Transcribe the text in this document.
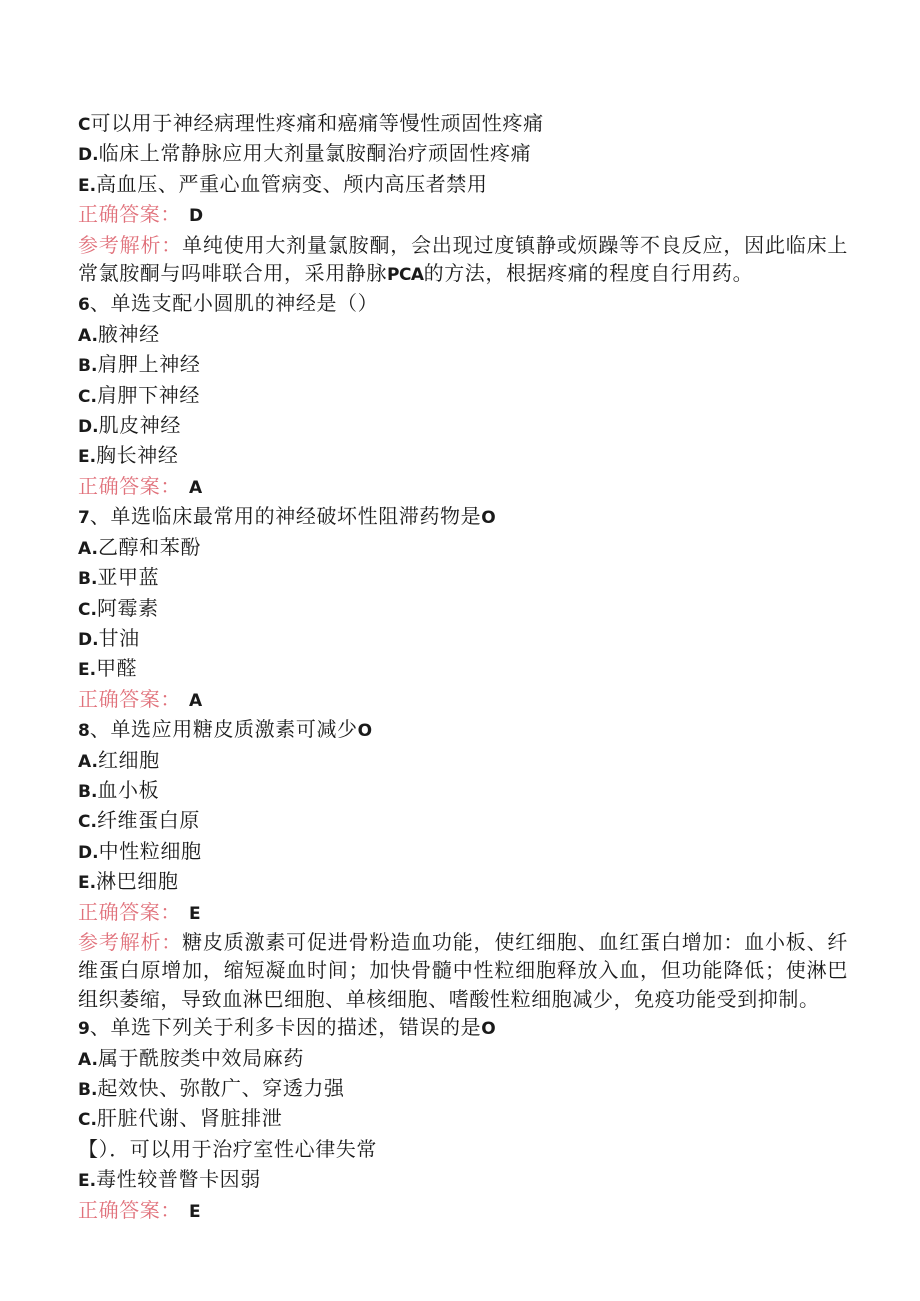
C可以用于神经病理性疼痛和癌痛等慢性顽固性疼痛
D.临床上常静脉应用大剂量氯胺酮治疗顽固性疼痛
E.高血压、严重心血管病变、颅内高压者禁用
正确答案： D
参考解析：单纯使用大剂量氯胺酮，会出现过度镇静或烦躁等不良反应，因此临床上常氯胺酮与吗啡联合用，采用静脉PCA的方法，根据疼痛的程度自行用药。
6、单选支配小圆肌的神经是（）
A.腋神经
B.肩胛上神经
C.肩胛下神经
D.肌皮神经
E.胸长神经
正确答案： A
7、单选临床最常用的神经破坏性阻滞药物是O
A.乙醇和苯酚
B.亚甲蓝
C.阿霉素
D.甘油
E.甲醛
正确答案： A
8、单选应用糖皮质激素可减少O
A.红细胞
B.血小板
C.纤维蛋白原
D.中性粒细胞
E.淋巴细胞
正确答案： E
参考解析：糖皮质激素可促进骨粉造血功能，使红细胞、血红蛋白增加：血小板、纤维蛋白原增加，缩短凝血时间；加快骨髓中性粒细胞释放入血，但功能降低；使淋巴组织萎缩，导致血淋巴细胞、单核细胞、嗜酸性粒细胞减少，免疫功能受到抑制。
9、单选下列关于利多卡因的描述，错误的是O
A.属于酰胺类中效局麻药
B.起效快、弥散广、穿透力强
C.肝脏代谢、肾脏排泄
【）．可以用于治疗室性心律失常
E.毒性较普瞥卡因弱
正确答案： E
